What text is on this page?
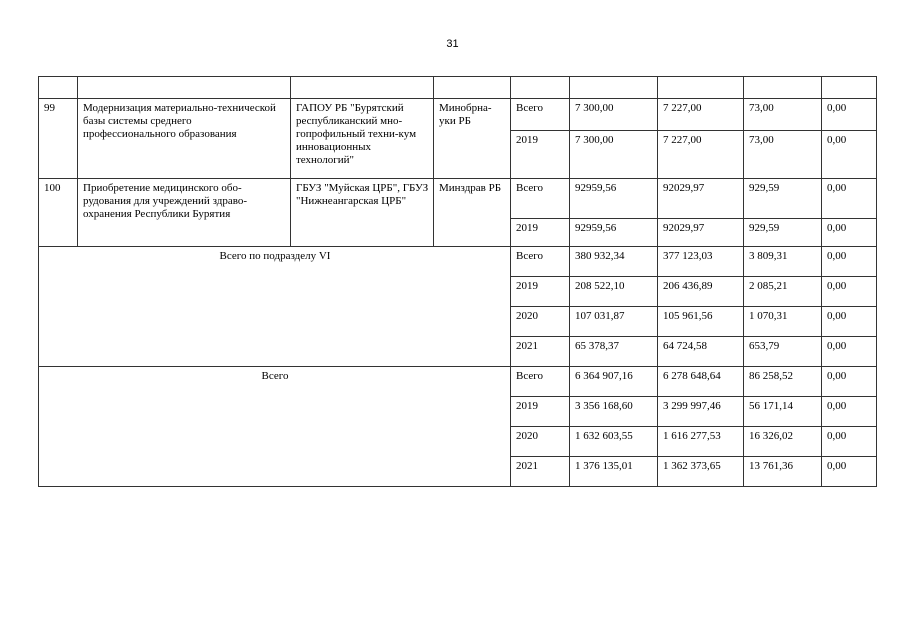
31

99	Модернизация материально-технической базы системы среднего профессионального образования	ГАПОУ РБ "Бурятский республиканский мно-гопрофильный техни-кум инновационных технологий"	Минобрна-уки РБ	Всего	7 300,00	7 227,00	73,00	0,00
				2019	7 300,00	7 227,00	73,00	0,00
100	Приобретение медицинского обо-рудования для учреждений здраво-охранения Республики Бурятия	ГБУЗ "Муйская ЦРБ", ГБУЗ "Нижнеангарская ЦРБ"	Минздрав РБ	Всего	92959,56	92029,97	929,59	0,00
				2019	92959,56	92029,97	929,59	0,00
Всего по подразделу VI				Всего	380 932,34	377 123,03	3 809,31	0,00
				2019	208 522,10	206 436,89	2 085,21	0,00
				2020	107 031,87	105 961,56	1 070,31	0,00
				2021	65 378,37	64 724,58	653,79	0,00
Всего				Всего	6 364 907,16	6 278 648,64	86 258,52	0,00
				2019	3 356 168,60	3 299 997,46	56 171,14	0,00
				2020	1 632 603,55	1 616 277,53	16 326,02	0,00
				2021	1 376 135,01	1 362 373,65	13 761,36	0,00
